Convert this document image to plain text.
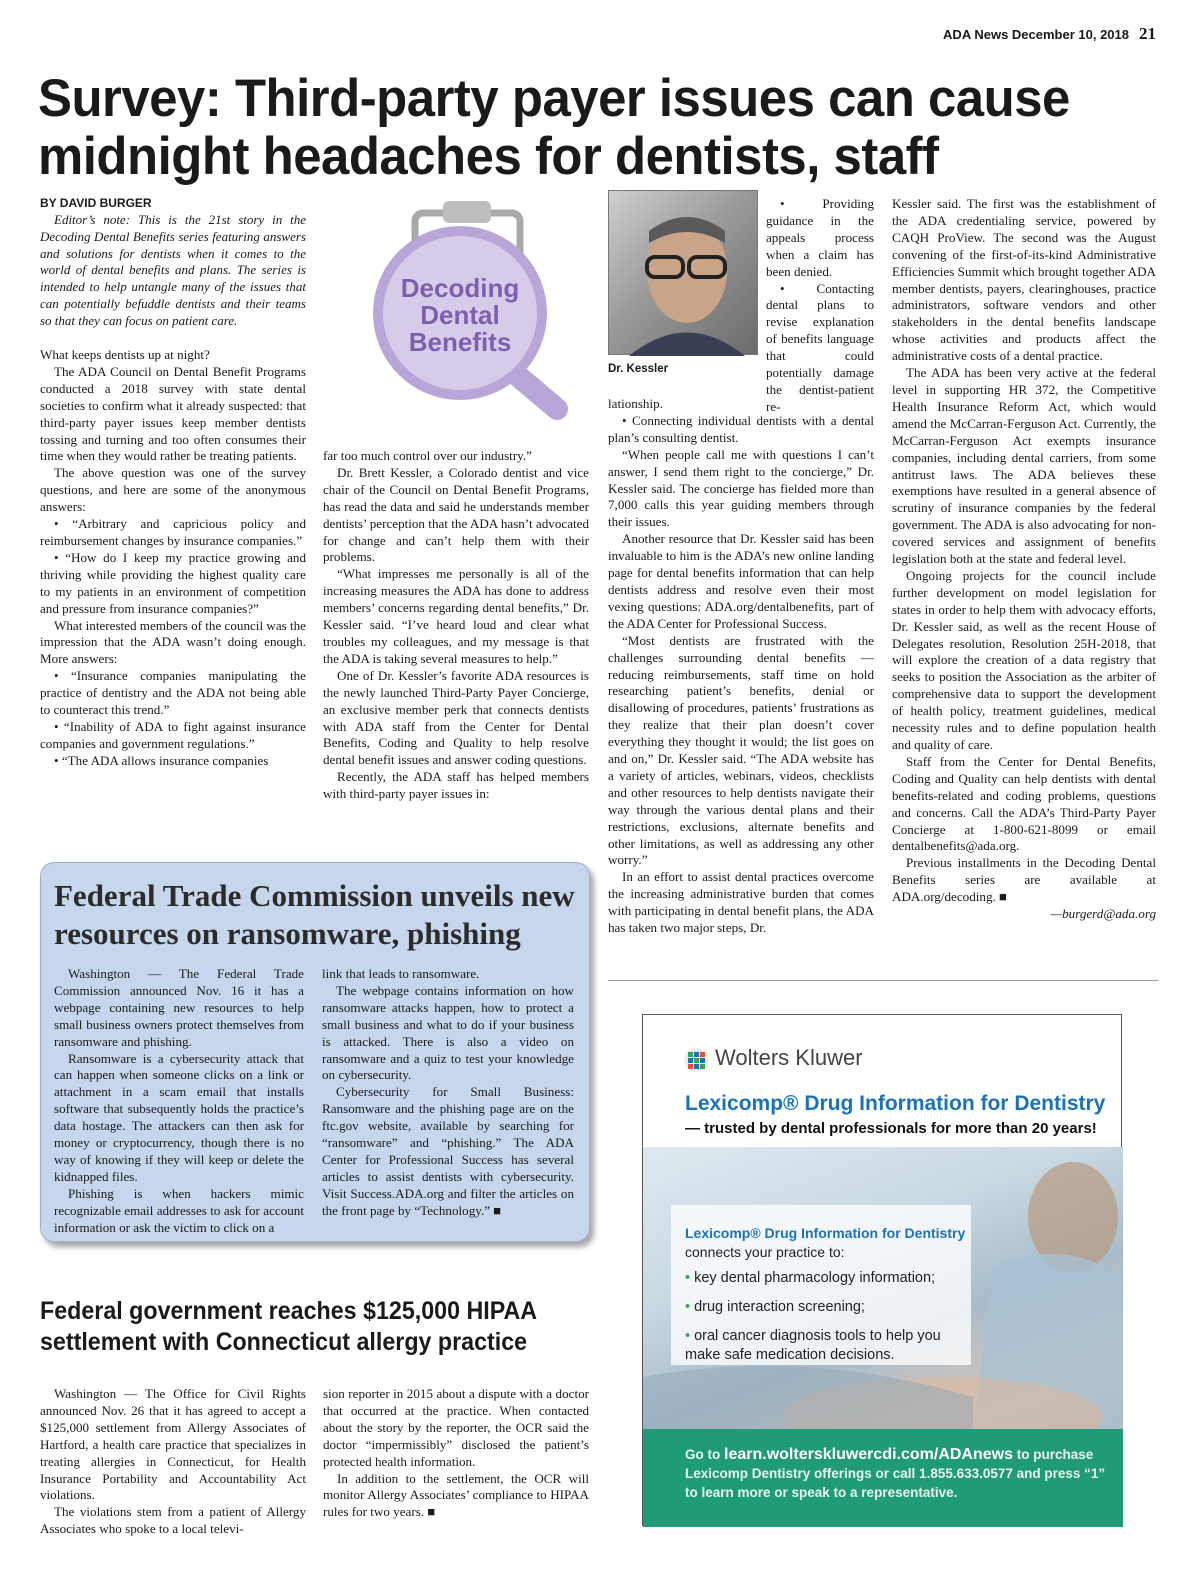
ADA News December 10, 2018 21
Survey: Third-party payer issues can cause midnight headaches for dentists, staff
BY DAVID BURGER

Editor’s note: This is the 21st story in the Decoding Dental Benefits series featuring answers and solutions for dentists when it comes to the world of dental benefits and plans. The series is intended to help untangle many of the issues that can potentially befuddle dentists and their teams so that they can focus on patient care.

Decoding
Dental
Benefits
Dr. Kessler

What keeps dentists up at night?

The ADA Council on Dental Benefit Programs conducted a 2018 survey with state dental societies to confirm what it already suspected: that third-party payer issues keep member dentists tossing and turning and too often consumes their time when they would rather be treating patients.

The above question was one of the survey questions, and here are some of the anonymous answers:

• “Arbitrary and capricious policy and reimbursement changes by insurance companies.”

• “How do I keep my practice growing and thriving while providing the highest quality care to my patients in an environment of competition and pressure from insurance companies?”

What interested members of the council was the impression that the ADA wasn’t doing enough. More answers:

• “Insurance companies manipulating the practice of dentistry and the ADA not being able to counteract this trend.”

• “Inability of ADA to fight against insurance companies and government regulations.”

• “The ADA allows insurance companies

far too much control over our industry.”

Dr. Brett Kessler, a Colorado dentist and vice chair of the Council on Dental Benefit Programs, has read the data and said he understands member dentists’ perception that the ADA hasn’t advocated for change and can’t help them with their problems.

“What impresses me personally is all of the increasing measures the ADA has done to address members’ concerns regarding dental benefits,” Dr. Kessler said. “I’ve heard loud and clear what troubles my colleagues, and my message is that the ADA is taking several measures to help.”

One of Dr. Kessler’s favorite ADA resources is the newly launched Third-Party Payer Concierge, an exclusive member perk that connects dentists with ADA staff from the Center for Dental Benefits, Coding and Quality to help resolve dental benefit issues and answer coding questions.

Recently, the ADA staff has helped members with third-party payer issues in:

• Providing guidance in the appeals process when a claim has been denied.

• Contacting dental plans to revise explanation of benefits language that could potentially damage the dentist-patient re-

lationship.

• Connecting individual dentists with a dental plan’s consulting dentist.

“When people call me with questions I can’t answer, I send them right to the concierge,” Dr. Kessler said. The concierge has fielded more than 7,000 calls this year guiding members through their issues.

Another resource that Dr. Kessler said has been invaluable to him is the ADA’s new online landing page for dental benefits information that can help dentists address and resolve even their most vexing questions: ADA.org/dentalbenefits, part of the ADA Center for Professional Success.

“Most dentists are frustrated with the challenges surrounding dental benefits — reducing reimbursements, staff time on hold researching patient’s benefits, denial or disallowing of procedures, patients’ frustrations as they realize that their plan doesn’t cover everything they thought it would; the list goes on and on,” Dr. Kessler said. “The ADA website has a variety of articles, webinars, videos, checklists and other resources to help dentists navigate their way through the various dental plans and their restrictions, exclusions, alternate benefits and other limitations, as well as addressing any other worry.”

In an effort to assist dental practices overcome the increasing administrative burden that comes with participating in dental benefit plans, the ADA has taken two major steps, Dr.

Kessler said. The first was the establishment of the ADA credentialing service, powered by CAQH ProView. The second was the August convening of the first-of-its-kind Administrative Efficiencies Summit which brought together ADA member dentists, payers, clearinghouses, practice administrators, software vendors and other stakeholders in the dental benefits landscape whose activities and products affect the administrative costs of a dental practice.

The ADA has been very active at the federal level in supporting HR 372, the Competitive Health Insurance Reform Act, which would amend the McCarran-Ferguson Act. Currently, the McCarran-Ferguson Act exempts insurance companies, including dental carriers, from some antitrust laws. The ADA believes these exemptions have resulted in a general absence of scrutiny of insurance companies by the federal government. The ADA is also advocating for non-covered services and assignment of benefits legislation both at the state and federal level.

Ongoing projects for the council include further development on model legislation for states in order to help them with advocacy efforts, Dr. Kessler said, as well as the recent House of Delegates resolution, Resolution 25H-2018, that will explore the creation of a data registry that seeks to position the Association as the arbiter of comprehensive data to support the development of health policy, treatment guidelines, medical necessity rules and to define population health and quality of care.

Staff from the Center for Dental Benefits, Coding and Quality can help dentists with dental benefits-related and coding problems, questions and concerns. Call the ADA’s Third-Party Payer Concierge at 1-800-621-8099 or email dentalbenefits@ada.org.

Previous installments in the Decoding Dental Benefits series are available at ADA.org/decoding. ■

—burgerd@ada.org

Federal Trade Commission unveils new resources on ransomware, phishing

Washington — The Federal Trade Commission announced Nov. 16 it has a webpage containing new resources to help small business owners protect themselves from ransomware and phishing.

Ransomware is a cybersecurity attack that can happen when someone clicks on a link or attachment in a scam email that installs software that subsequently holds the practice’s data hostage. The attackers can then ask for money or cryptocurrency, though there is no way of knowing if they will keep or delete the kidnapped files.

Phishing is when hackers mimic recognizable email addresses to ask for account information or ask the victim to click on a

link that leads to ransomware.

The webpage contains information on how ransomware attacks happen, how to protect a small business and what to do if your business is attacked. There is also a video on ransomware and a quiz to test your knowledge on cybersecurity.

Cybersecurity for Small Business: Ransomware and the phishing page are on the ftc.gov website, available by searching for “ransomware” and “phishing.” The ADA Center for Professional Success has several articles to assist dentists with cybersecurity. Visit Success.ADA.org and filter the articles on the front page by “Technology.” ■

Federal government reaches $125,000 HIPAA settlement with Connecticut allergy practice

Washington — The Office for Civil Rights announced Nov. 26 that it has agreed to accept a $125,000 settlement from Allergy Associates of Hartford, a health care practice that specializes in treating allergies in Connecticut, for Health Insurance Portability and Accountability Act violations.

The violations stem from a patient of Allergy Associates who spoke to a local televi-

sion reporter in 2015 about a dispute with a doctor that occurred at the practice. When contacted about the story by the reporter, the OCR said the doctor “impermissibly” disclosed the patient’s protected health information.

In addition to the settlement, the OCR will monitor Allergy Associates’ compliance to HIPAA rules for two years. ■

Wolters Kluwer
Lexicomp® Drug Information for Dentistry
— trusted by dental professionals for more than 20 years!
Lexicomp® Drug Information for Dentistry
connects your practice to:
• key dental pharmacology information;
• drug interaction screening;
• oral cancer diagnosis tools to help you make safe medication decisions.
Go to learn.wolterskluwercdi.com/ADAnews to purchase Lexicomp Dentistry offerings or call 1.855.633.0577 and press “1” to learn more or speak to a representative.
